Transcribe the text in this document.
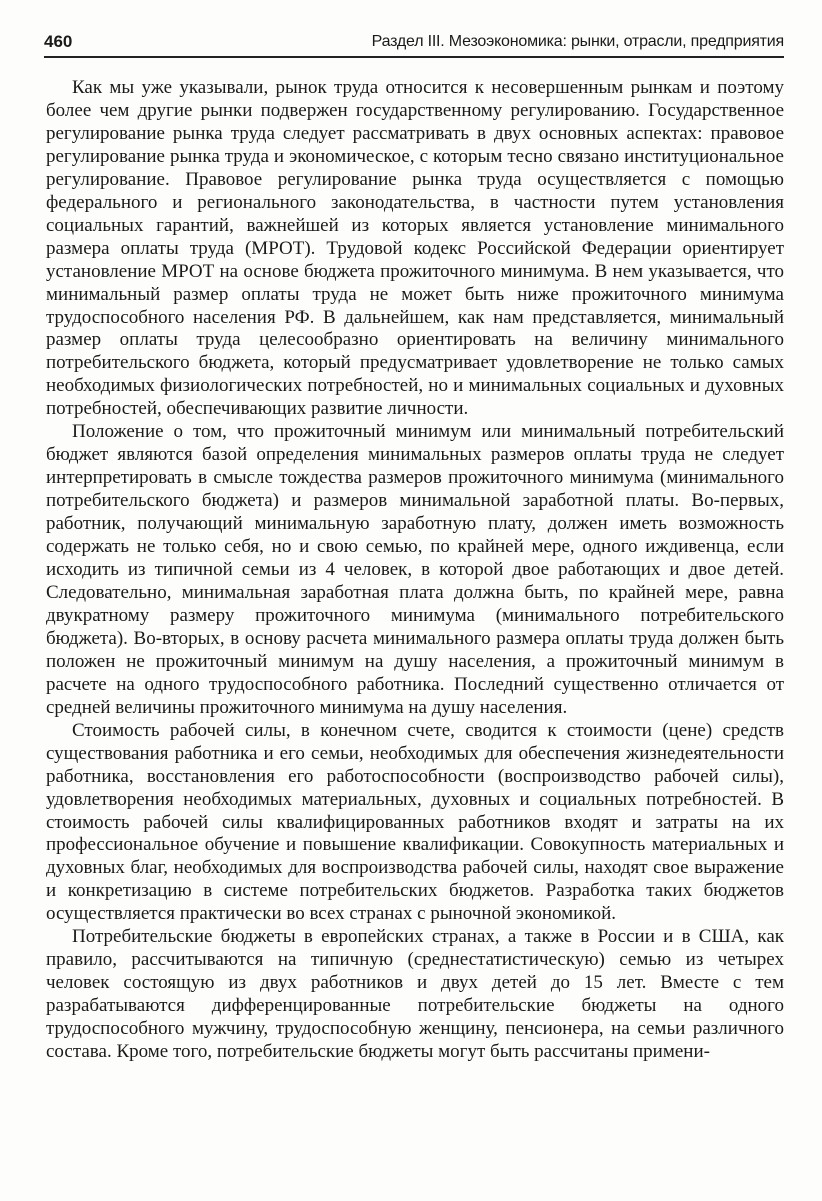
460	Раздел III. Мезоэкономика: рынки, отрасли, предприятия

Как мы уже указывали, рынок труда относится к несовершенным рынкам и поэтому более чем другие рынки подвержен государственному регулированию. Государственное регулирование рынка труда следует рассматривать в двух основных аспектах: правовое регулирование рынка труда и экономическое, с которым тесно связано институциональное регулирование. Правовое регулирование рынка труда осуществляется с помощью федерального и регионального законодательства, в частности путем установления социальных гарантий, важнейшей из которых является установление минимального размера оплаты труда (МРОТ). Трудовой кодекс Российской Федерации ориентирует установление МРОТ на основе бюджета прожиточного минимума. В нем указывается, что минимальный размер оплаты труда не может быть ниже прожиточного минимума трудоспособного населения РФ. В дальнейшем, как нам представляется, минимальный размер оплаты труда целесообразно ориентировать на величину минимального потребительского бюджета, который предусматривает удовлетворение не только самых необходимых физиологических потребностей, но и минимальных социальных и духовных потребностей, обеспечивающих развитие личности.

Положение о том, что прожиточный минимум или минимальный потребительский бюджет являются базой определения минимальных размеров оплаты труда не следует интерпретировать в смысле тождества размеров прожиточного минимума (минимального потребительского бюджета) и размеров минимальной заработной платы. Во-первых, работник, получающий минимальную заработную плату, должен иметь возможность содержать не только себя, но и свою семью, по крайней мере, одного иждивенца, если исходить из типичной семьи из 4 человек, в которой двое работающих и двое детей. Следовательно, минимальная заработная плата должна быть, по крайней мере, равна двукратному размеру прожиточного минимума (минимального потребительского бюджета). Во-вторых, в основу расчета минимального размера оплаты труда должен быть положен не прожиточный минимум на душу населения, а прожиточный минимум в расчете на одного трудоспособного работника. Последний существенно отличается от средней величины прожиточного минимума на душу населения.

Стоимость рабочей силы, в конечном счете, сводится к стоимости (цене) средств существования работника и его семьи, необходимых для обеспечения жизнедеятельности работника, восстановления его работоспособности (воспроизводство рабочей силы), удовлетворения необходимых материальных, духовных и социальных потребностей. В стоимость рабочей силы квалифицированных работников входят и затраты на их профессиональное обучение и повышение квалификации. Совокупность материальных и духовных благ, необходимых для воспроизводства рабочей силы, находят свое выражение и конкретизацию в системе потребительских бюджетов. Разработка таких бюджетов осуществляется практически во всех странах с рыночной экономикой.

Потребительские бюджеты в европейских странах, а также в России и в США, как правило, рассчитываются на типичную (среднестатистическую) семью из четырех человек состоящую из двух работников и двух детей до 15 лет. Вместе с тем разрабатываются дифференцированные потребительские бюджеты на одного трудоспособного мужчину, трудоспособную женщину, пенсионера, на семьи различного состава. Кроме того, потребительские бюджеты могут быть рассчитаны примени-
